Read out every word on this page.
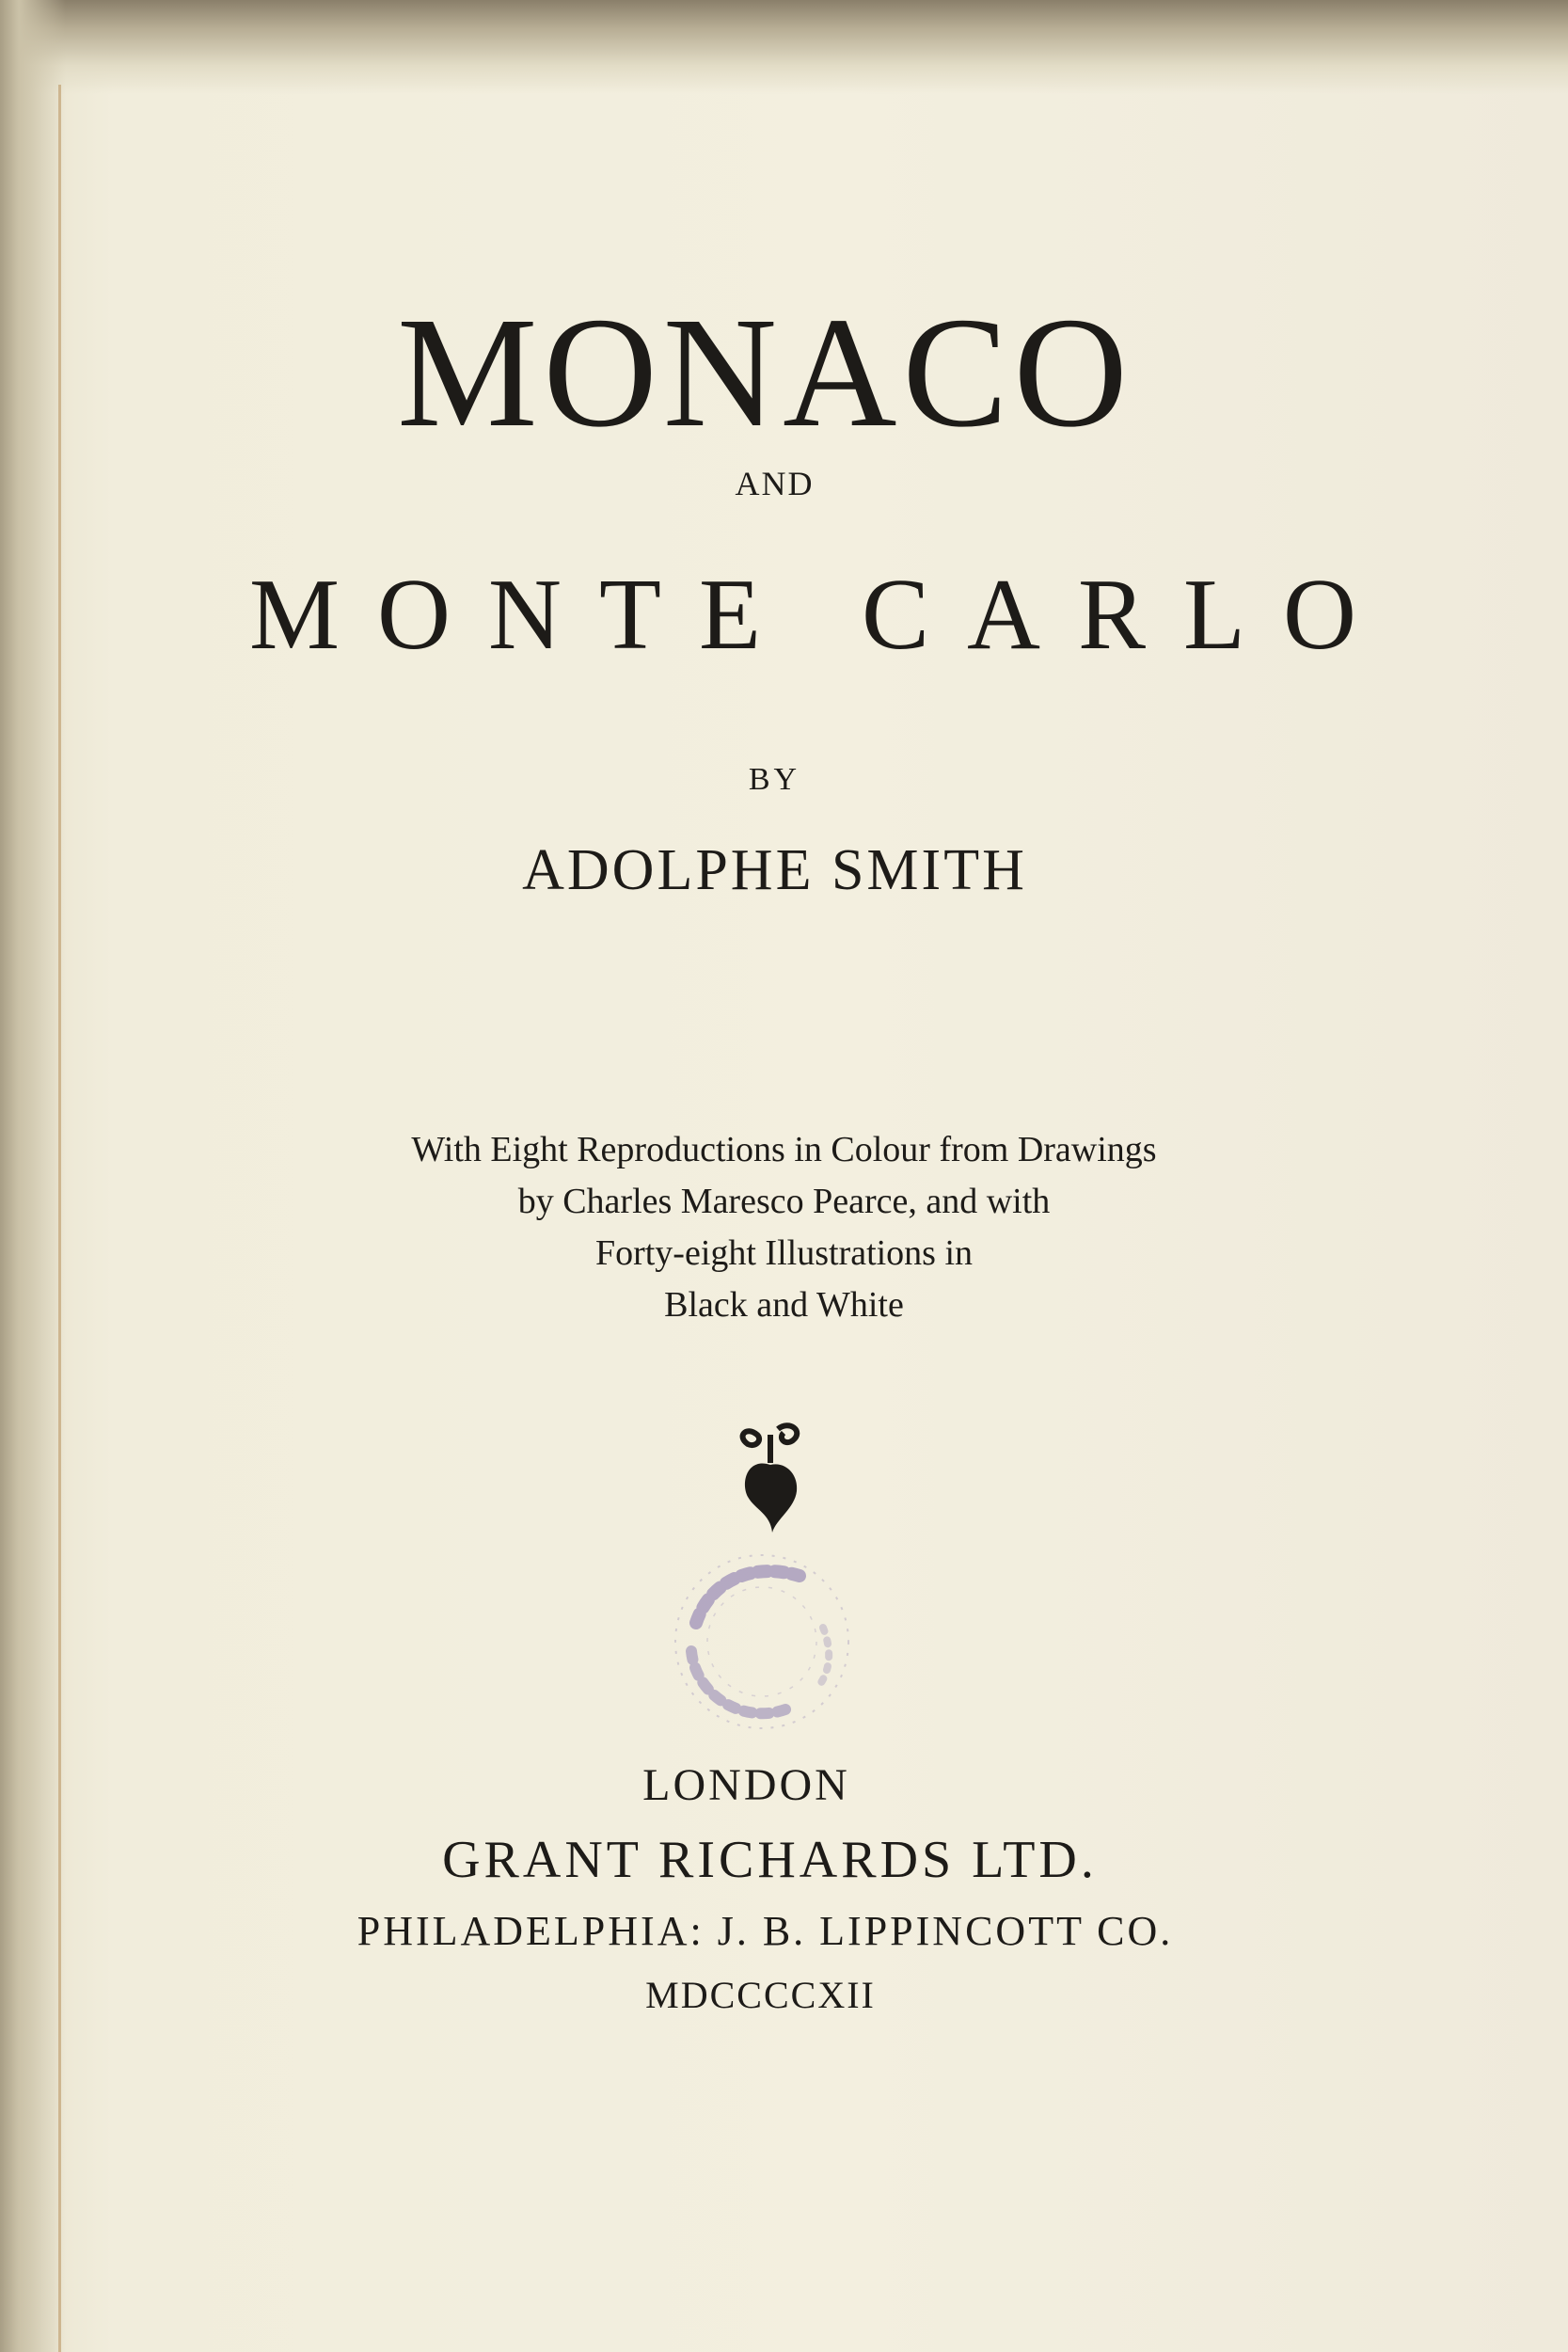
MONACO
AND
MONTE CARLO
BY
ADOLPHE SMITH
With Eight Reproductions in Colour from Drawings
by Charles Maresco Pearce, and with
Forty-eight Illustrations in
Black and White
LONDON
GRANT RICHARDS LTD.
PHILADELPHIA: J. B. LIPPINCOTT CO.
MDCCCCXII
